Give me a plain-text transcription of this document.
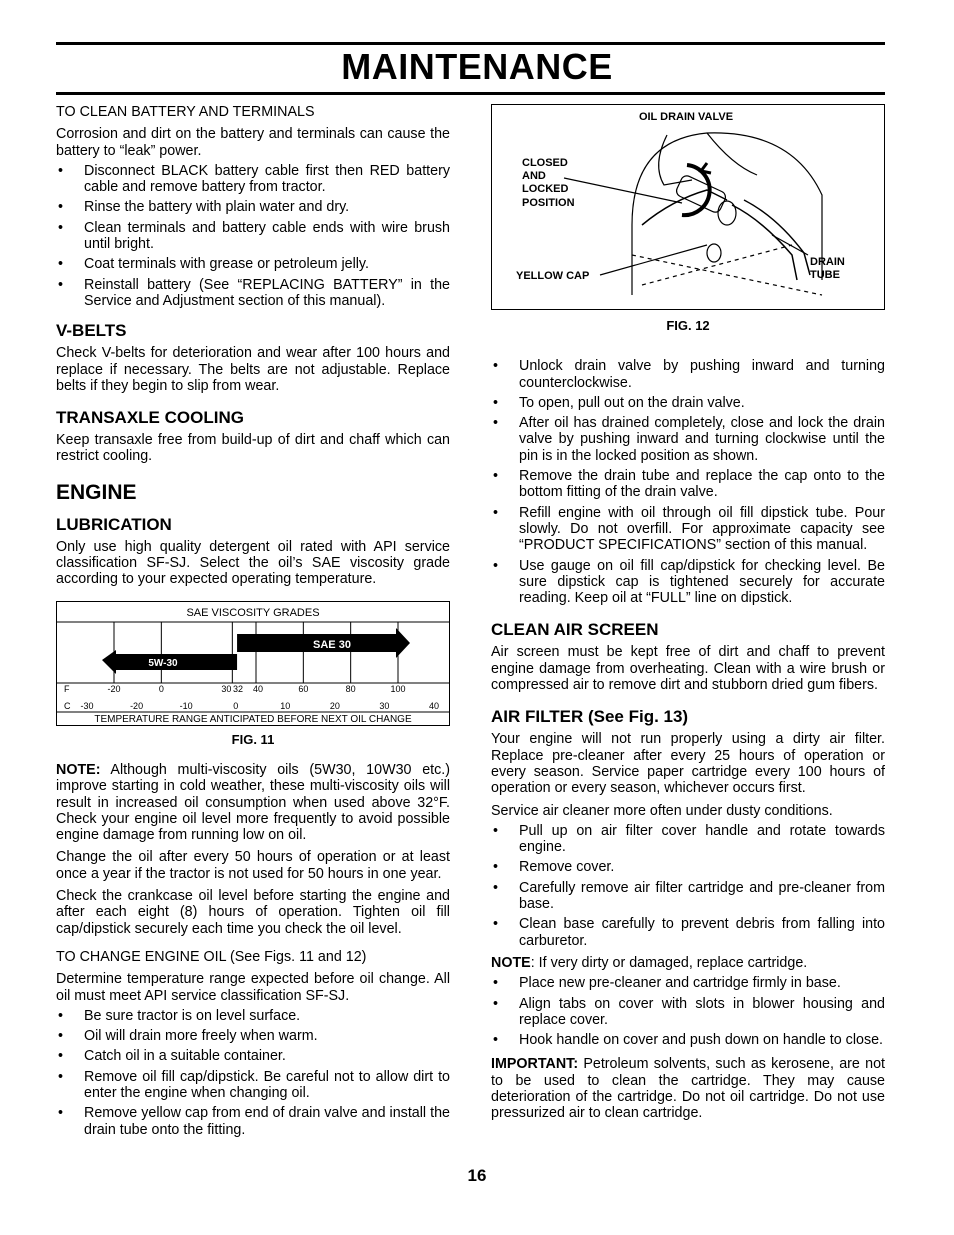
MAINTENANCE

TO CLEAN BATTERY AND TERMINALS

Corrosion and dirt on the battery and terminals can cause the battery to “leak” power.

• Disconnect BLACK battery cable first then RED battery cable and remove battery from tractor.
• Rinse the battery with plain water and dry.
• Clean terminals and battery cable ends with wire brush until bright.
• Coat terminals with grease or petroleum jelly.
• Reinstall battery (See “REPLACING BATTERY” in the Service and Adjustment section of this manual).
V-BELTS

Check V-belts for deterioration and wear after 100 hours and replace if necessary. The belts are not adjustable. Replace belts if they begin to slip from wear.

TRANSAXLE COOLING

Keep transaxle free from build-up of dirt and chaff which can restrict cooling.

ENGINE
LUBRICATION

Only use high quality detergent oil rated with API service classification SF-SJ. Select the oil’s SAE viscosity grade according to your expected operating temperature.

SAE VISCOSITY GRADES
5W-30
SAE 30
F
C
-20	0	30 32 40	60	80	100
-30	-20	-10	0	10	20	30	40
TEMPERATURE RANGE ANTICIPATED BEFORE NEXT OIL CHANGE
FIG. 11

NOTE: Although multi-viscosity oils (5W30, 10W30 etc.) improve starting in cold weather, these multi-viscosity oils will result in increased oil consumption when used above 32°F. Check your engine oil level more frequently to avoid possible engine damage from running low on oil.

Change the oil after every 50 hours of operation or at least once a year if the tractor is not used for 50 hours in one year.

Check the crankcase oil level before starting the engine and after each eight (8) hours of operation. Tighten oil fill cap/dipstick securely each time you check the oil level.

TO CHANGE ENGINE OIL (See Figs. 11 and 12)

Determine temperature range expected before oil change. All oil must meet API service classification SF-SJ.

• Be sure tractor is on level surface.
• Oil will drain more freely when warm.
• Catch oil in a suitable container.
• Remove oil fill cap/dipstick. Be careful not to allow dirt to enter the engine when changing oil.
• Remove yellow cap from end of drain valve and install the drain tube onto the fitting.
OIL DRAIN VALVE
CLOSED
AND
LOCKED
POSITION
YELLOW CAP
DRAIN
TUBE
FIG. 12
• Unlock drain valve by pushing inward and turning counterclockwise.
• To open, pull out on the drain valve.
• After oil has drained completely, close and lock the drain valve by pushing inward and turning clockwise until the pin is in the locked position as shown.
• Remove the drain tube and replace the cap onto to the bottom fitting of the drain valve.
• Refill engine with oil through oil fill dipstick tube. Pour slowly. Do not overfill. For approximate capacity see “PRODUCT SPECIFICATIONS” section of this manual.
• Use gauge on oil fill cap/dipstick for checking level. Be sure dipstick cap is tightened securely for accurate reading. Keep oil at “FULL” line on dipstick.
CLEAN AIR SCREEN

Air screen must be kept free of dirt and chaff to prevent engine damage from overheating. Clean with a wire brush or compressed air to remove dirt and stubborn dried gum fibers.

AIR FILTER (See Fig. 13)

Your engine will not run properly using a dirty air filter. Replace pre-cleaner after every 25 hours of operation or every season. Service paper cartridge every 100 hours of operation or every season, whichever occurs first.

Service air cleaner more often under dusty conditions.

• Pull up on air filter cover handle and rotate towards engine.
• Remove cover.
• Carefully remove air filter cartridge and pre-cleaner from base.
• Clean base carefully to prevent debris from falling into carburetor.

NOTE: If very dirty or damaged, replace cartridge.

• Place new pre-cleaner and cartridge firmly in base.
• Align tabs on cover with slots in blower housing and replace cover.
• Hook handle on cover and push down on handle to close.

IMPORTANT: Petroleum solvents, such as kerosene, are not to be used to clean the cartridge. They may cause deterioration of the cartridge. Do not oil cartridge. Do not use pressurized air to clean cartridge.

16
